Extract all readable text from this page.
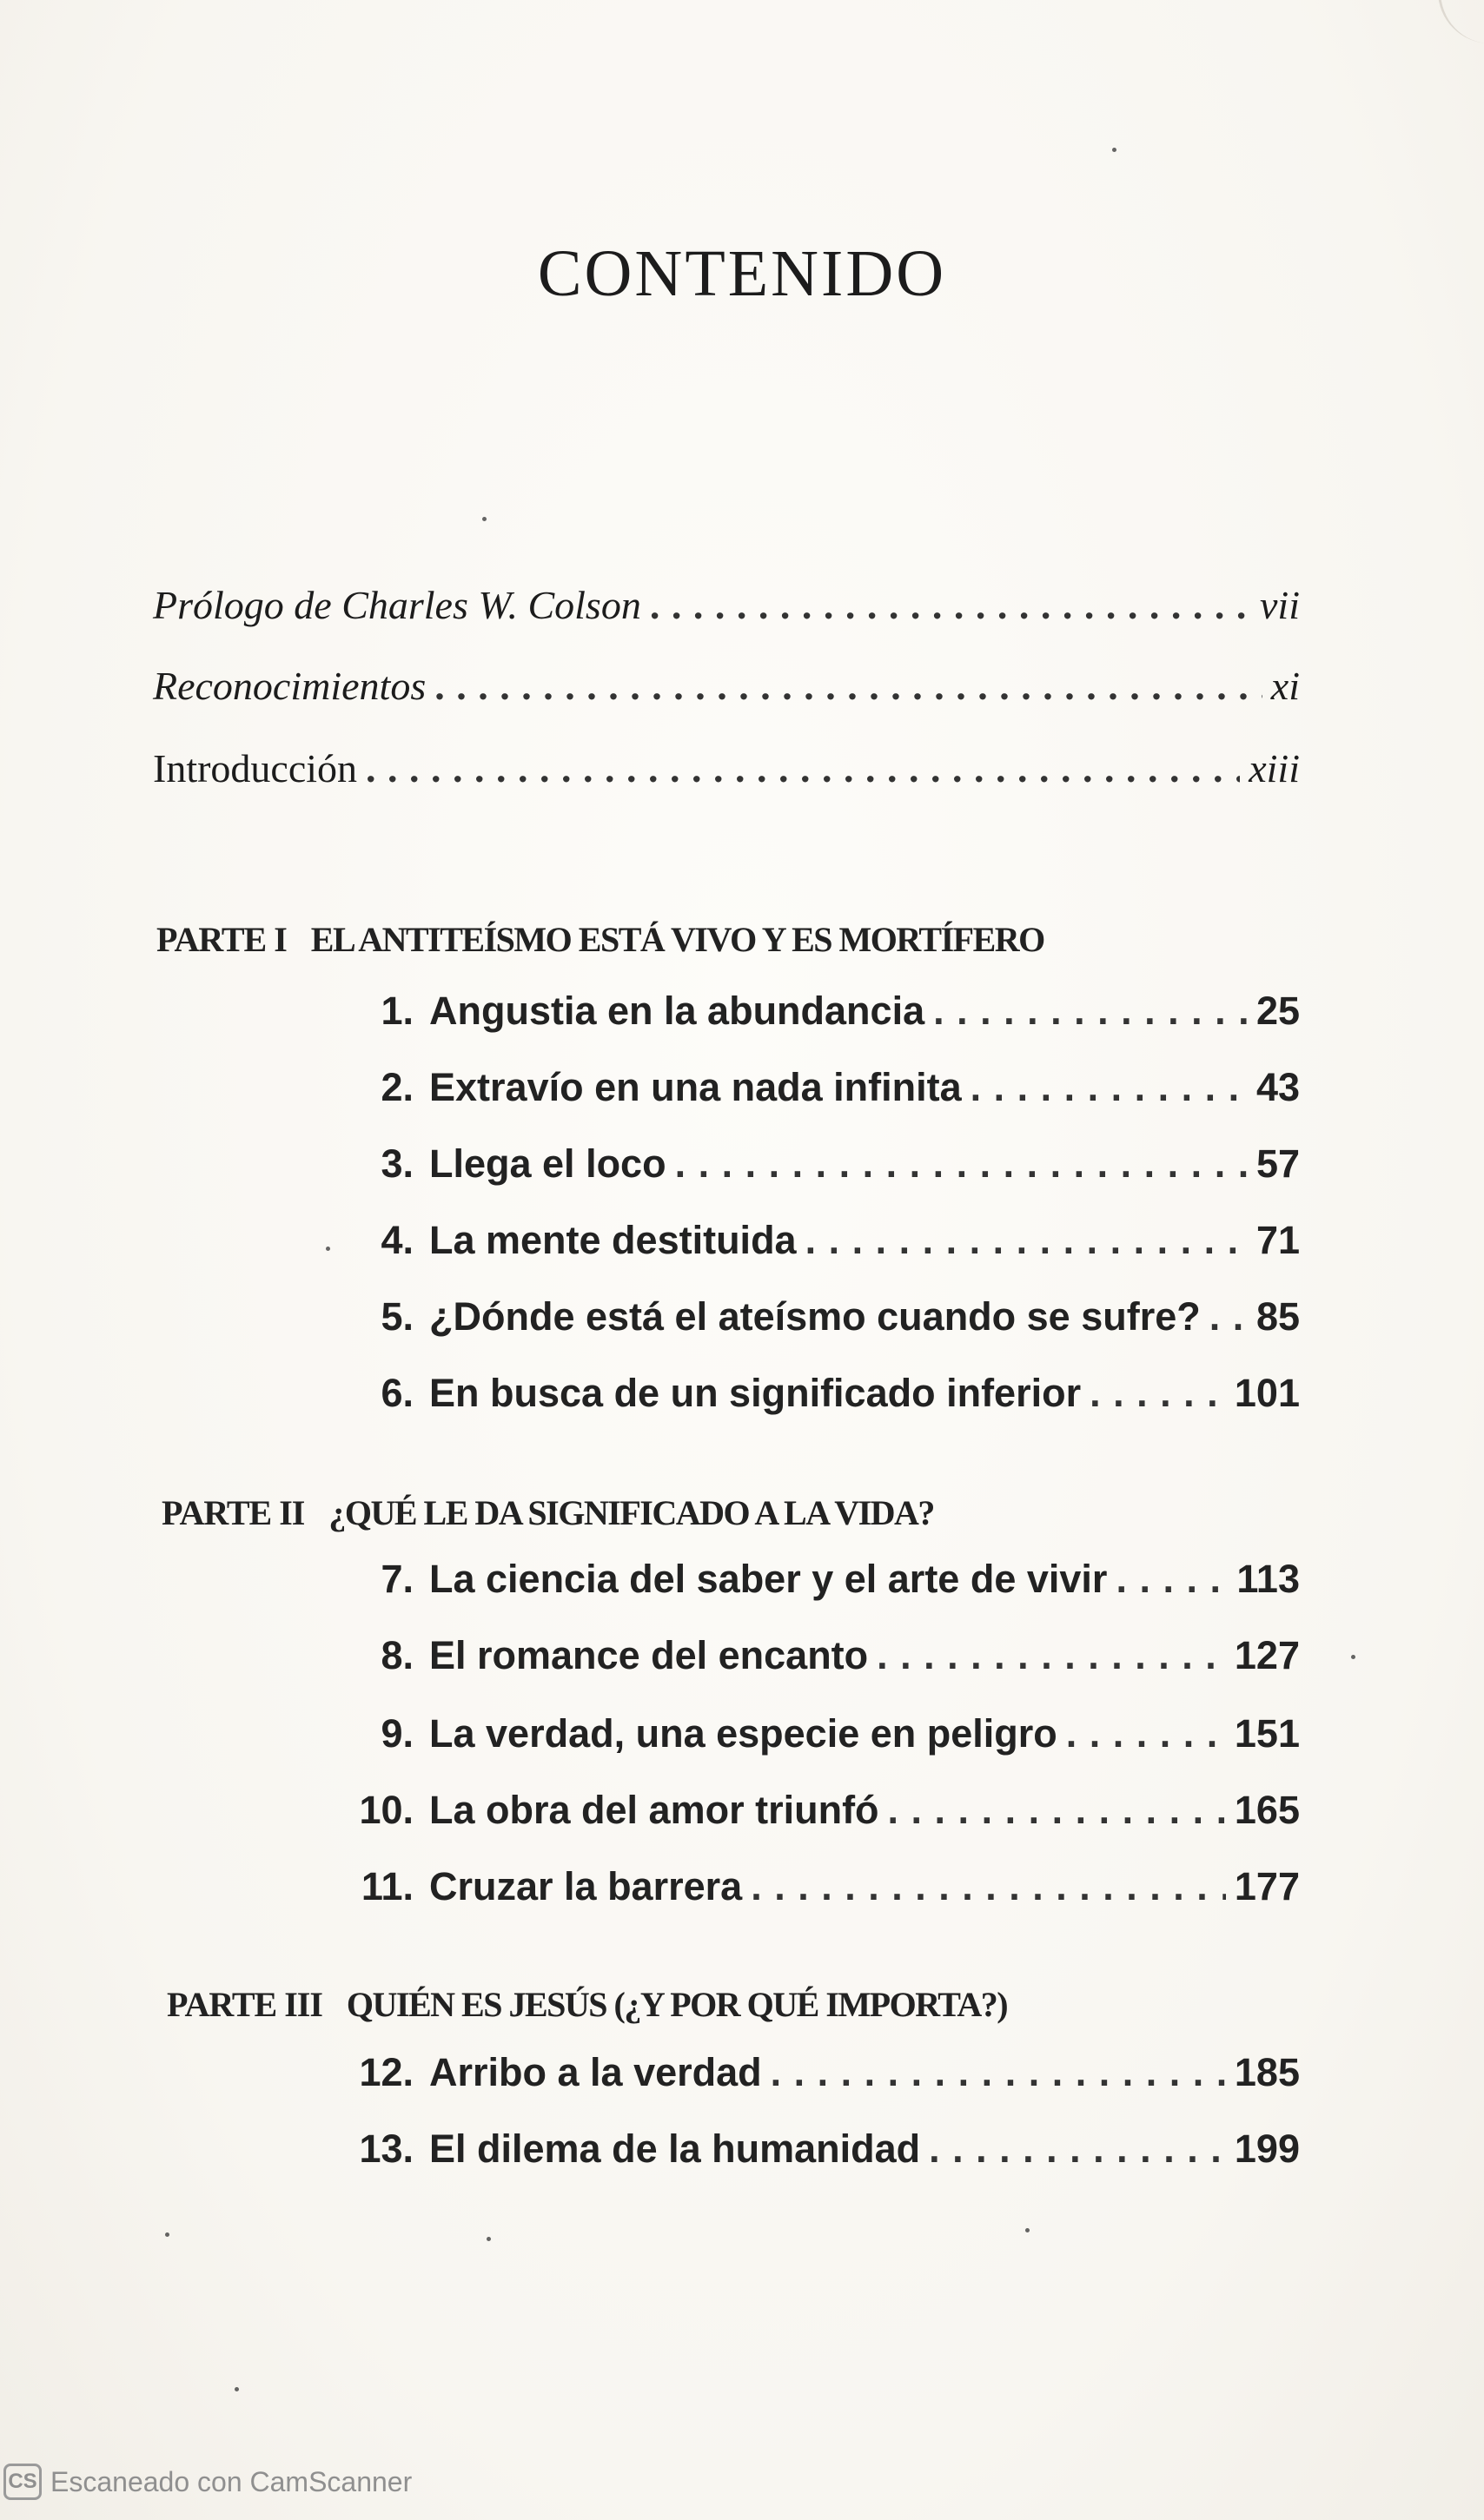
CONTENIDO
Prólogo de Charles W. Colson . . .	vii
Reconocimientos . . .	xi
Introducción . . .	xiii
PARTE I EL ANTITEÍSMO ESTÁ VIVO Y ES MORTÍFERO
1. Angustia en la abundancia . . .	25
2. Extravío en una nada infinita . . .	43
3. Llega el loco . . .	57
4. La mente destituida . . .	71
5. ¿Dónde está el ateísmo cuando se sufre? . . . 85
6. En busca de un significado inferior . . .	101
PARTE II ¿QUÉ LE DA SIGNIFICADO A LA VIDA?
7. La ciencia del saber y el arte de vivir . . .	113
8. El romance del encanto . . .	127
9. La verdad, una especie en peligro . . .	151
10. La obra del amor triunfó . . .	165
11. Cruzar la barrera . . .	177
PARTE III QUIÉN ES JESÚS (¿Y POR QUÉ IMPORTA?)
12. Arribo a la verdad . . .	185
13. El dilema de la humanidad . . .	199
CS Escaneado con CamScanner
